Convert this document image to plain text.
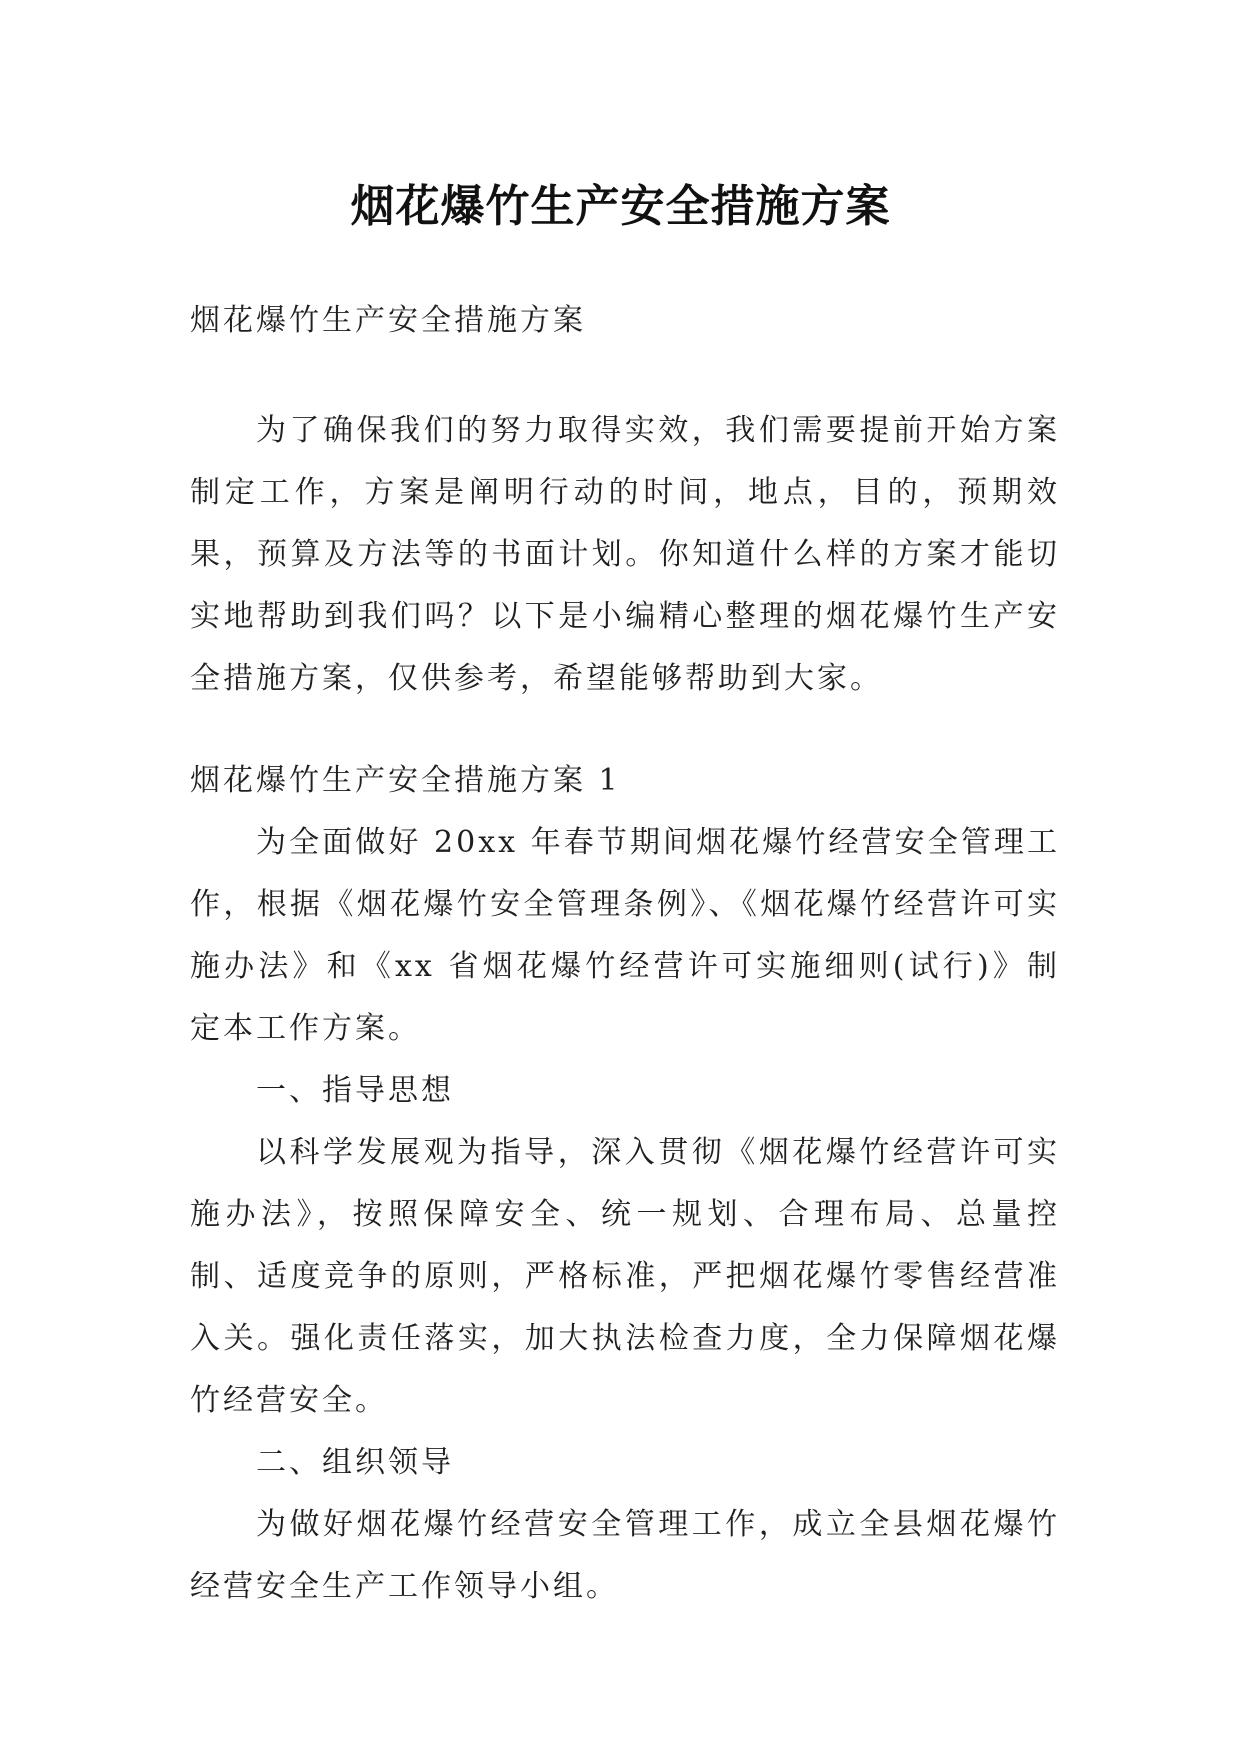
烟花爆竹生产安全措施方案

烟花爆竹生产安全措施方案

为了确保我们的努力取得实效，我们需要提前开始方案制定工作，方案是阐明行动的时间，地点，目的，预期效果，预算及方法等的书面计划。你知道什么样的方案才能切实地帮助到我们吗？以下是小编精心整理的烟花爆竹生产安全措施方案，仅供参考，希望能够帮助到大家。

烟花爆竹生产安全措施方案 1

为全面做好 20xx 年春节期间烟花爆竹经营安全管理工作，根据《烟花爆竹安全管理条例》、《烟花爆竹经营许可实施办法》和《xx 省烟花爆竹经营许可实施细则(试行)》制定本工作方案。

一、指导思想

以科学发展观为指导，深入贯彻《烟花爆竹经营许可实施办法》，按照保障安全、统一规划、合理布局、总量控制、适度竞争的原则，严格标准，严把烟花爆竹零售经营准入关。强化责任落实，加大执法检查力度，全力保障烟花爆竹经营安全。

二、组织领导

为做好烟花爆竹经营安全管理工作，成立全县烟花爆竹经营安全生产工作领导小组。
